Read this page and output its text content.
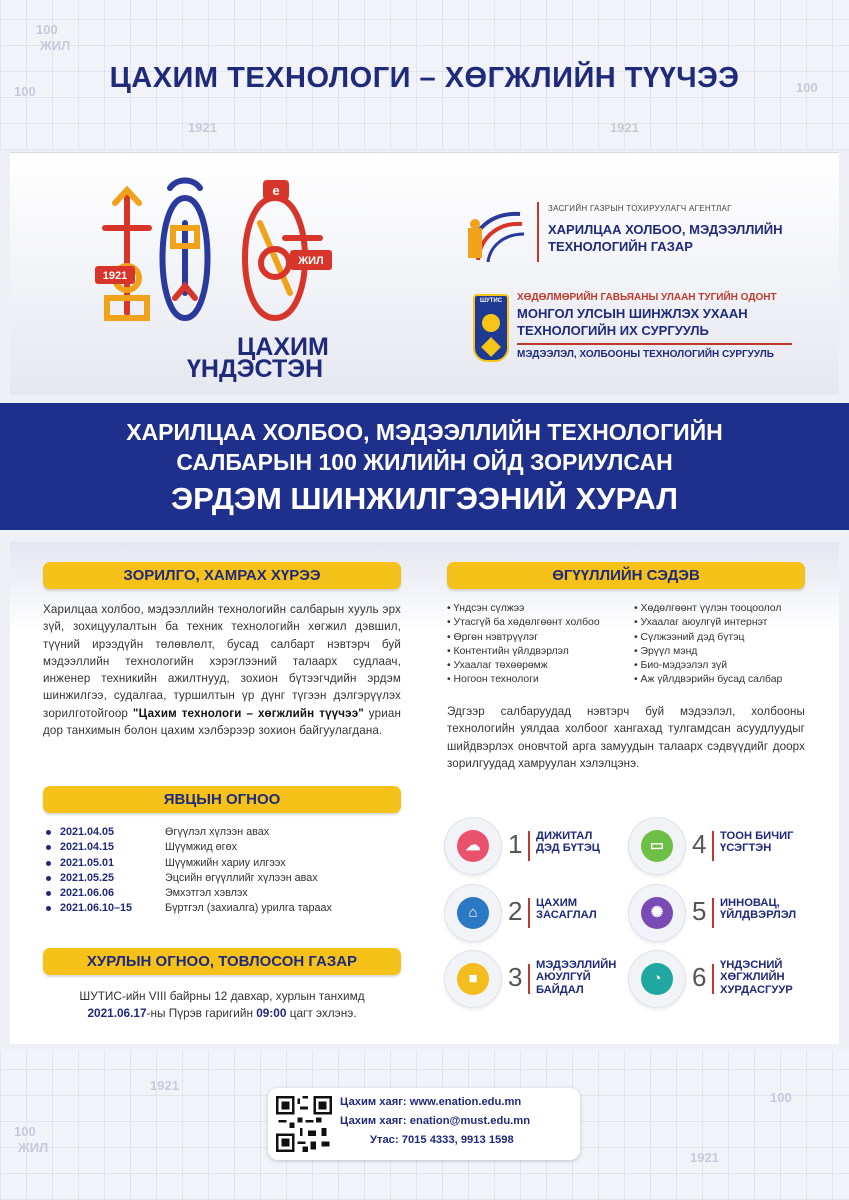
100
100
ЖИЛ
1921	1921
100
ЦАХИМ ТЕХНОЛОГИ – ХӨГЖЛИЙН ТҮҮЧЭЭ
1921
e
ЖИЛ
ЦАХИМ
ҮНДЭСТЭН
ЗАСГИЙН ГАЗРЫН ТОХИРУУЛАГЧ АГЕНТЛАГ
ХАРИЛЦАА ХОЛБОО, МЭДЭЭЛЛИЙН
ТЕХНОЛОГИЙН ГАЗАР
ШУТИС	ХӨДӨЛМӨРИЙН ГАВЬЯАНЫ УЛААН ТУГИЙН ОДОНТ
МОНГОЛ УЛСЫН ШИНЖЛЭХ УХААН
ТЕХНОЛОГИЙН ИХ СУРГУУЛЬ
МЭДЭЭЛЭЛ, ХОЛБООНЫ ТЕХНОЛОГИЙН СУРГУУЛЬ
ХАРИЛЦАА ХОЛБОО, МЭДЭЭЛЛИЙН ТЕХНОЛОГИЙН
САЛБАРЫН 100 ЖИЛИЙН ОЙД ЗОРИУЛСАН
ЭРДЭМ ШИНЖИЛГЭЭНИЙ ХУРАЛ
ЗОРИЛГО, ХАМРАХ ХҮРЭЭ
Харилцаа холбоо, мэдээллийн технологийн салбарын хууль эрх зүй, зохицуулалтын ба техник технологийн хөгжил дэвшил, түүний ирээдүйн төлөвлөлт, бусад салбарт нэвтэрч буй мэдээллийн технологийн хэрэглээний талаарх судлаач, инженер техникийн ажилтнууд, зохион бүтээгчдийн эрдэм шинжилгээ, судалгаа, туршилтын үр дүнг түгээн дэлгэрүүлэх зорилготойгоор "Цахим технологи – хөгжлийн түүчээ" уриан дор танхимын болон цахим хэлбэрээр зохион байгуулагдана.
ӨГҮҮЛЛИЙН СЭДЭВ
• Үндсэн сүлжээ
• Утасгүй ба хөдөлгөөнт холбоо
• Өргөн нэвтрүүлэг
• Контентийн үйлдвэрлэл
• Ухаалаг төхөөрөмж
• Ногоон технологи
• Хөдөлгөөнт үүлэн тооцоолол
• Ухаалаг аюулгүй интернэт
• Сүлжээний дэд бүтэц
• Эрүүл мэнд
• Био-мэдээлэл зүй
• Аж үйлдвэрийн бусад салбар
Эдгээр салбаруудад нэвтэрч буй мэдээлэл, холбооны технологийн уялдаа холбоог хангахад тулгамдсан асуудлуудыг шийдвэрлэх оновчтой арга замуудын талаарх сэдвүүдийг доорх зорилгуудад хамруулан хэлэлцэнэ.
ЯВЦЫН ОГНОО
2021.04.05	Өгүүлэл хүлээн авах
2021.04.15	Шүүмжид өгөх
2021.05.01	Шүүмжийн хариу илгээх
2021.05.25	Эцсийн өгүүллийг хүлээн авах
2021.06.06	Эмхэтгэл хэвлэх
2021.06.10–15	Бүртгэл (захиалга) урилга тараах
ХУРЛЫН ОГНОО, ТОВЛОСОН ГАЗАР
ШУТИС-ийн VIII байрны 12 давхар, хурлын танхимд
2021.06.17-ны Пүрэв гаригийн 09:00 цагт эхлэнэ.
☁	1 ДИЖИТАЛ
ДЭД БҮТЭЦ
⌂	2 ЦАХИМ
ЗАСАГЛАЛ
■	3 МЭДЭЭЛЛИЙН
АЮУЛГҮЙ
БАЙДАЛ
▭	4 ТООН БИЧИГ
ҮСЭГТЭН
✺	5 ИННОВАЦ,
ҮЙЛДВЭРЛЭЛ
◔	6 ҮНДЭСНИЙ
ХӨГЖЛИЙН
ХУРДАСГУУР
100
ЖИЛ
1921
1921
100
Цахим хаяг: www.enation.edu.mn
Цахим хаяг: enation@must.edu.mn
Утас: 7015 4333, 9913 1598
